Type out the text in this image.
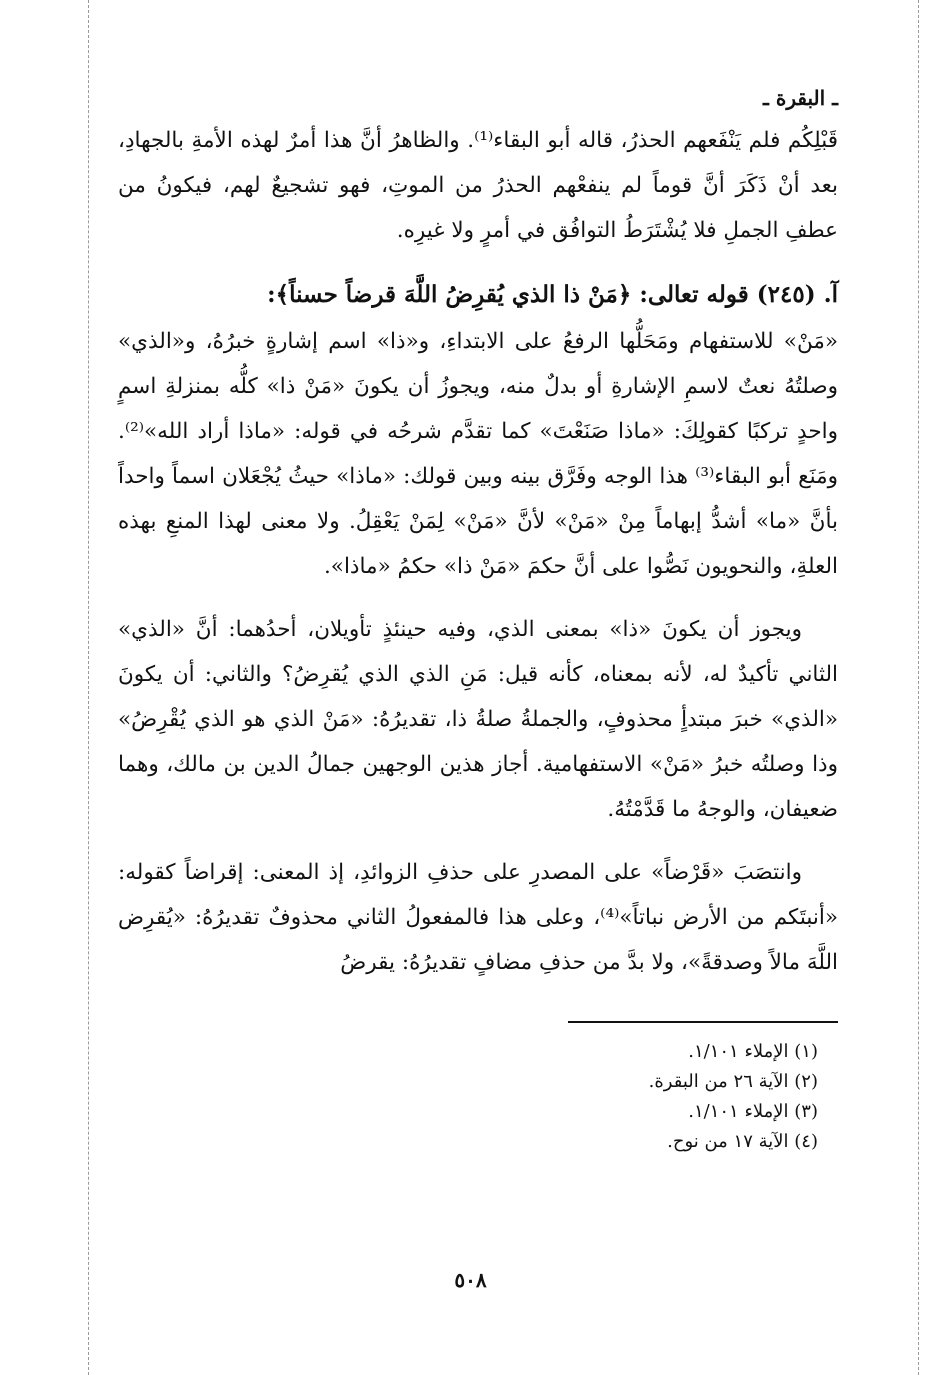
ـ البقرة ـ

قَبْلِكُم فلم يَنْفَعهم الحذرُ، قاله أبو البقاء⁽¹⁾. والظاهرُ أنَّ هذا أمرٌ لهذه الأمةِ بالجهادِ، بعد أنْ ذَكَرَ أنَّ قوماً لم ينفعْهم الحذرُ من الموتِ، فهو تشجيعٌ لهم، فيكونُ من عطفِ الجملِ فلا يُشْتَرَطُ التوافُق في أمرٍ ولا غيرِه.

آ. (٢٤٥) قوله تعالى: ﴿مَنْ ذا الذي يُقرِضُ اللَّهَ قرضاً حسناً﴾:

«مَنْ» للاستفهام ومَحَلُّها الرفعُ على الابتداءِ، و«ذا» اسم إشارةٍ خبرُهُ، و«الذي» وصلتُهُ نعتٌ لاسمِ الإشارةِ أو بدلٌ منه، ويجوزُ أن يكونَ «مَنْ ذا» كلُّه بمنزلةِ اسمٍ واحدٍ تركبًا كقولِكَ: «ماذا صَنَعْتَ» كما تقدَّم شرحُه في قوله: «ماذا أراد الله»⁽²⁾. ومَنَع أبو البقاء⁽³⁾ هذا الوجه وفَرَّق بينه وبين قولك: «ماذا» حيثُ يُجْعَلان اسماً واحداً بأنَّ «ما» أشدُّ إبهاماً مِنْ «مَنْ» لأنَّ «مَنْ» لِمَنْ يَعْقِلُ. ولا معنى لهذا المنعِ بهذه العلةِ، والنحويون نَصُّوا على أنَّ حكمَ «مَنْ ذا» حكمُ «ماذا».

ويجوز أن يكونَ «ذا» بمعنى الذي، وفيه حينئذٍ تأويلان، أحدُهما: أنَّ «الذي» الثاني تأكيدٌ له، لأنه بمعناه، كأنه قيل: مَنِ الذي الذي يُقرِضُ؟ والثاني: أن يكونَ «الذي» خبرَ مبتدأٍ محذوفٍ، والجملةُ صلةُ ذا، تقديرُهُ: «مَنْ الذي هو الذي يُقْرِضُ» وذا وصلتُه خبرُ «مَنْ» الاستفهامية. أجاز هذين الوجهين جمالُ الدين بن مالك، وهما ضعيفان، والوجهُ ما قَدَّمْتُهُ.

وانتصَبَ «قَرْضاً» على المصدرِ على حذفِ الزوائدِ، إذ المعنى: إقراضاً كقوله: «أنبتَكم من الأرض نباتاً»⁽⁴⁾، وعلى هذا فالمفعولُ الثاني محذوفٌ تقديرُهُ: «يُقرِض اللَّهَ مالاً وصدقةً»، ولا بدَّ من حذفِ مضافٍ تقديرُهُ: يقرضُ

(١) الإملاء ١/١٠١.
(٢) الآية ٢٦ من البقرة.
(٣) الإملاء ١/١٠١.
(٤) الآية ١٧ من نوح.
٥٠٨
